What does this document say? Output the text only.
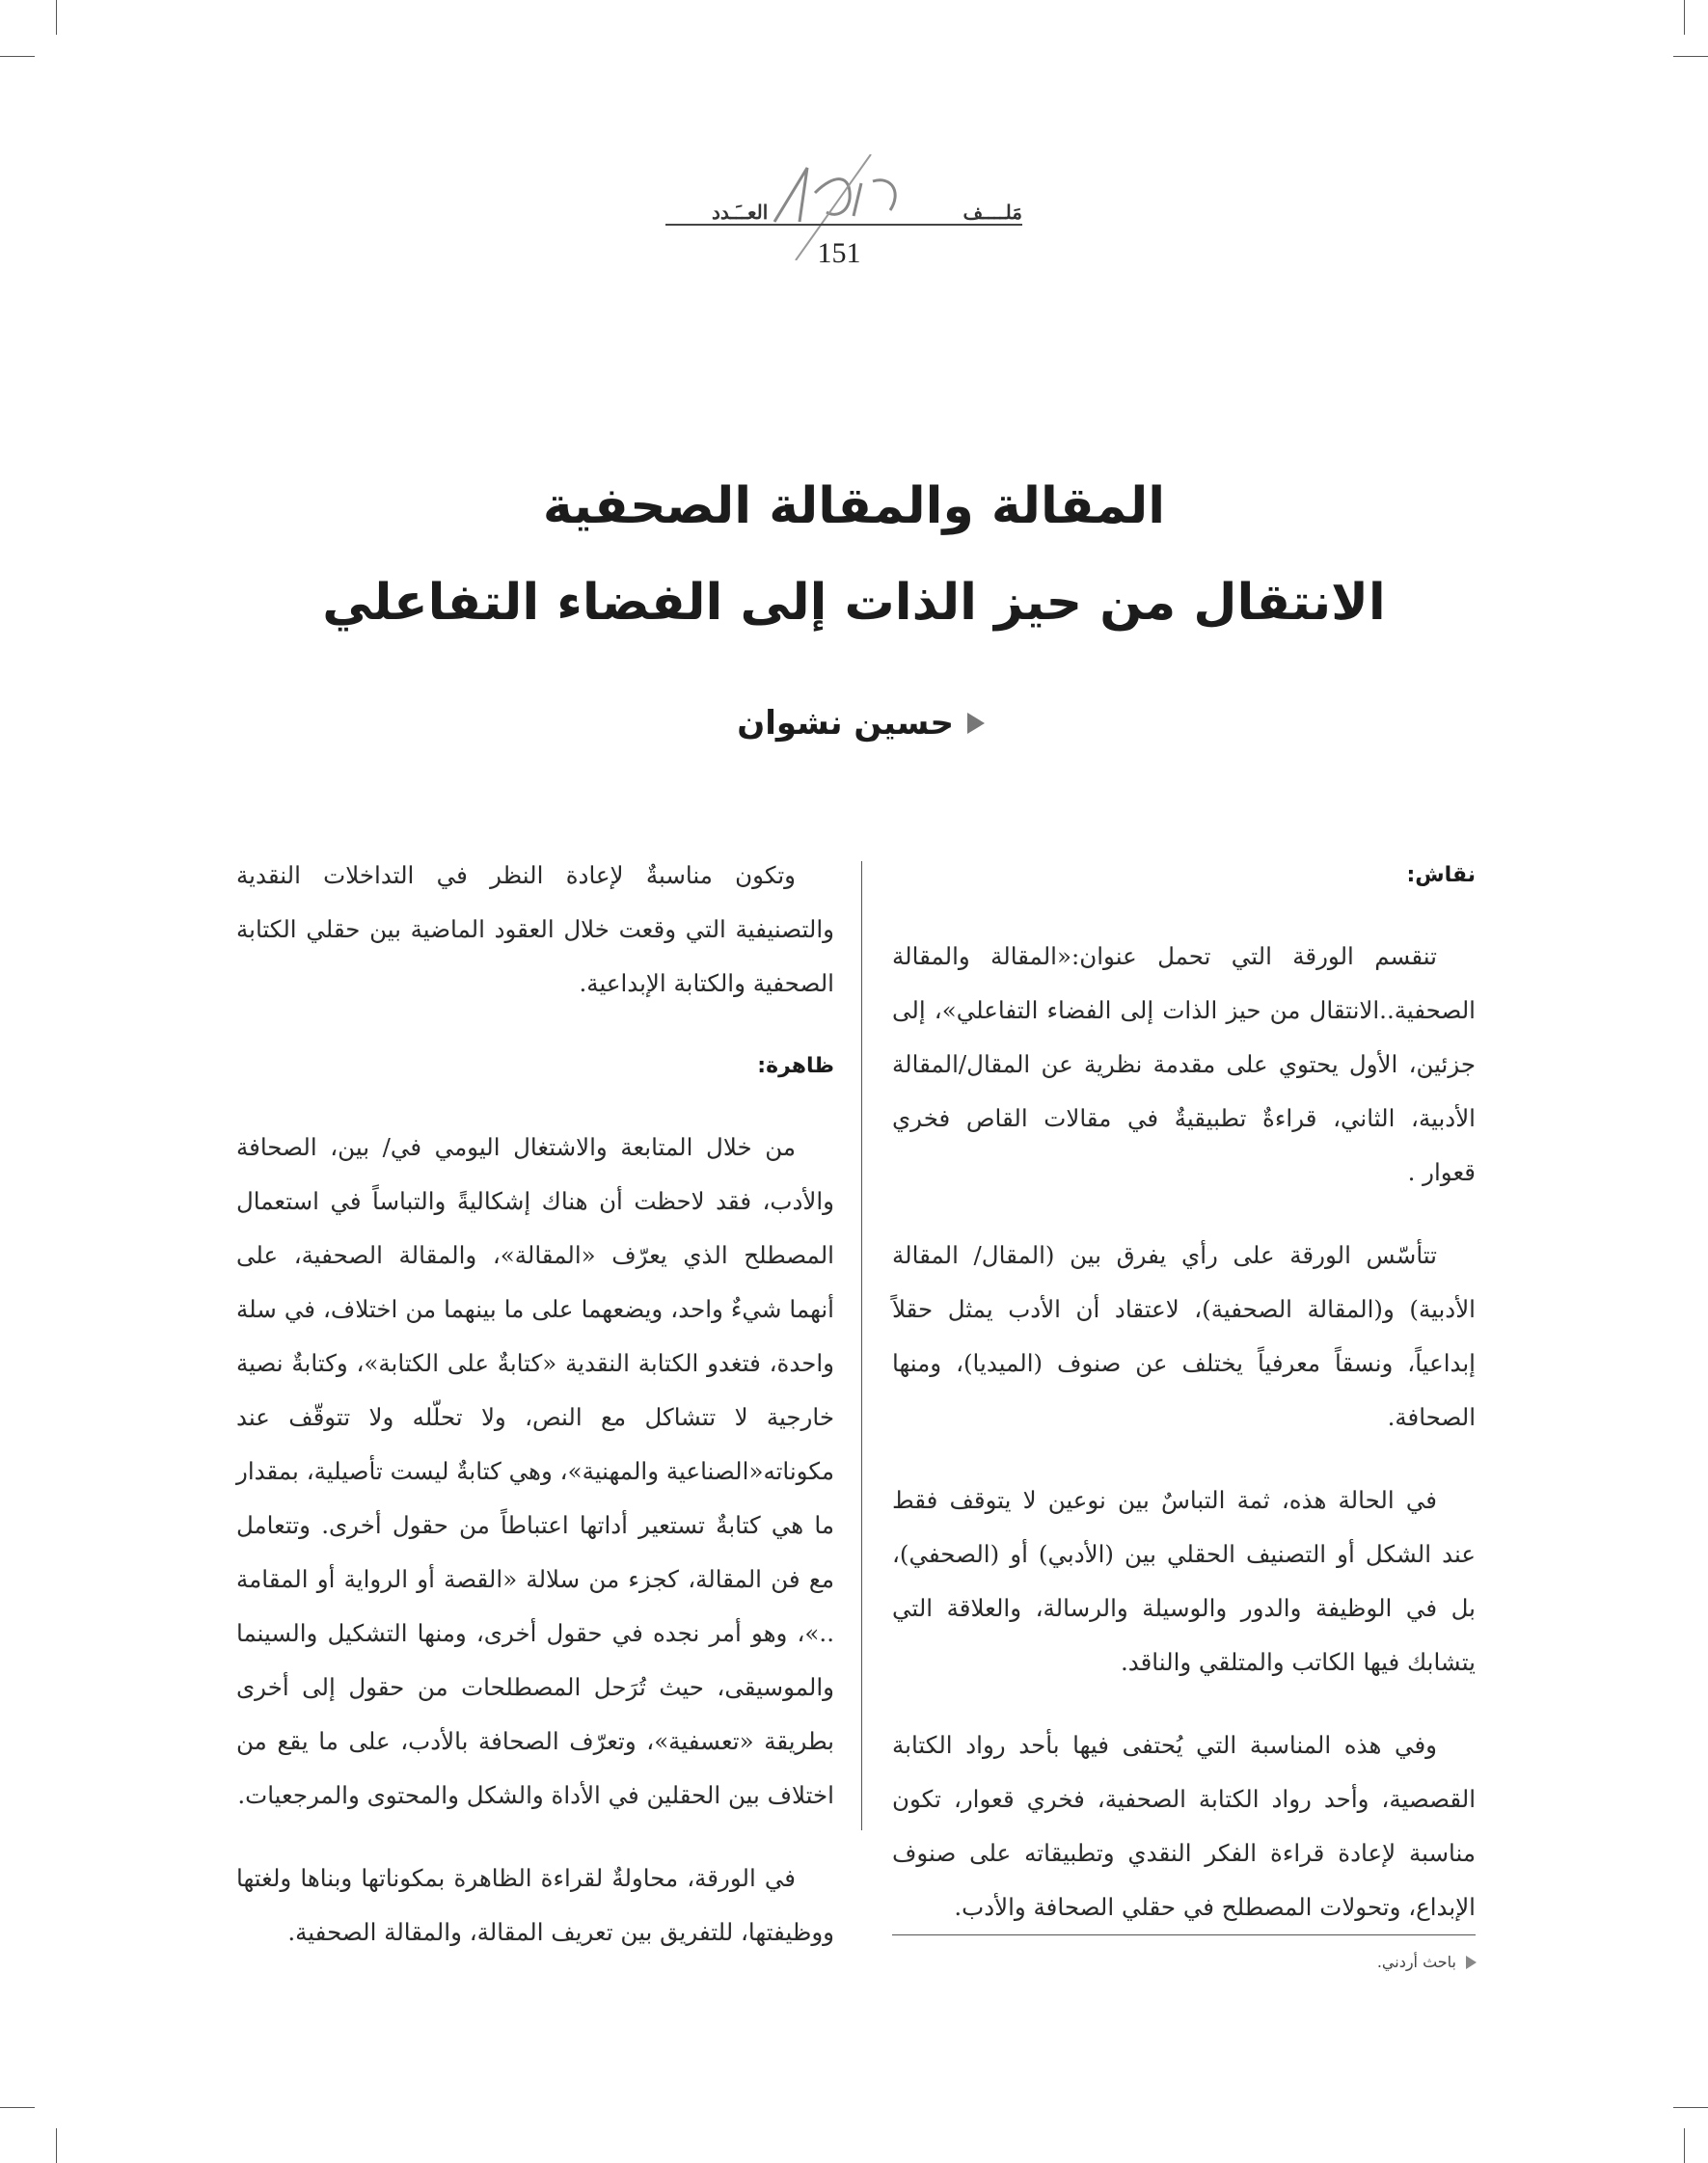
مَلــــف
العــَـدد
151
المقالة والمقالة الصحفية
الانتقال من حيز الذات إلى الفضاء التفاعلي
حسين نشوان
نقاش:

تنقسم الورقة التي تحمل عنوان:«المقالة والمقالة الصحفية..الانتقال من حيز الذات إلى الفضاء التفاعلي»، إلى جزئين، الأول يحتوي على مقدمة نظرية عن المقال/المقالة الأدبية، الثاني، قراءةٌ تطبيقيةٌ في مقالات القاص فخري قعوار .

تتأسّس الورقة على رأي يفرق بين (المقال/ المقالة الأدبية) و(المقالة الصحفية)، لاعتقاد أن الأدب يمثل حقلاً إبداعياً، ونسقاً معرفياً يختلف عن صنوف (الميديا)، ومنها الصحافة.

في الحالة هذه، ثمة التباسٌ بين نوعين لا يتوقف فقط عند الشكل أو التصنيف الحقلي بين (الأدبي) أو (الصحفي)، بل في الوظيفة والدور والوسيلة والرسالة، والعلاقة التي يتشابك فيها الكاتب والمتلقي والناقد.

وفي هذه المناسبة التي يُحتفى فيها بأحد رواد الكتابة القصصية، وأحد رواد الكتابة الصحفية، فخري قعوار، تكون مناسبة لإعادة قراءة الفكر النقدي وتطبيقاته على صنوف الإبداع، وتحولات المصطلح في حقلي الصحافة والأدب.

وتكون مناسبةٌ لإعادة النظر في التداخلات النقدية والتصنيفية التي وقعت خلال العقود الماضية بين حقلي الكتابة الصحفية والكتابة الإبداعية.

ظاهرة:

من خلال المتابعة والاشتغال اليومي في/ بين، الصحافة والأدب، فقد لاحظت أن هناك إشكاليةً والتباساً في استعمال المصطلح الذي يعرّف «المقالة»، والمقالة الصحفية، على أنهما شيءٌ واحد، ويضعهما على ما بينهما من اختلاف، في سلة واحدة، فتغدو الكتابة النقدية «كتابةٌ على الكتابة»، وكتابةٌ نصية خارجية لا تتشاكل مع النص، ولا تحلّله ولا تتوقّف عند مكوناته«الصناعية والمهنية»، وهي كتابةٌ ليست تأصيلية، بمقدار ما هي كتابةٌ تستعير أداتها اعتباطاً من حقول أخرى. وتتعامل مع فن المقالة، كجزء من سلالة «القصة أو الرواية أو المقامة ..»، وهو أمر نجده في حقول أخرى، ومنها التشكيل والسينما والموسيقى، حيث تُرَحل المصطلحات من حقول إلى أخرى بطريقة «تعسفية»، وتعرّف الصحافة بالأدب، على ما يقع من اختلاف بين الحقلين في الأداة والشكل والمحتوى والمرجعيات.

في الورقة، محاولةٌ لقراءة الظاهرة بمكوناتها وبناها ولغتها ووظيفتها، للتفريق بين تعريف المقالة، والمقالة الصحفية.

باحث أردني.
